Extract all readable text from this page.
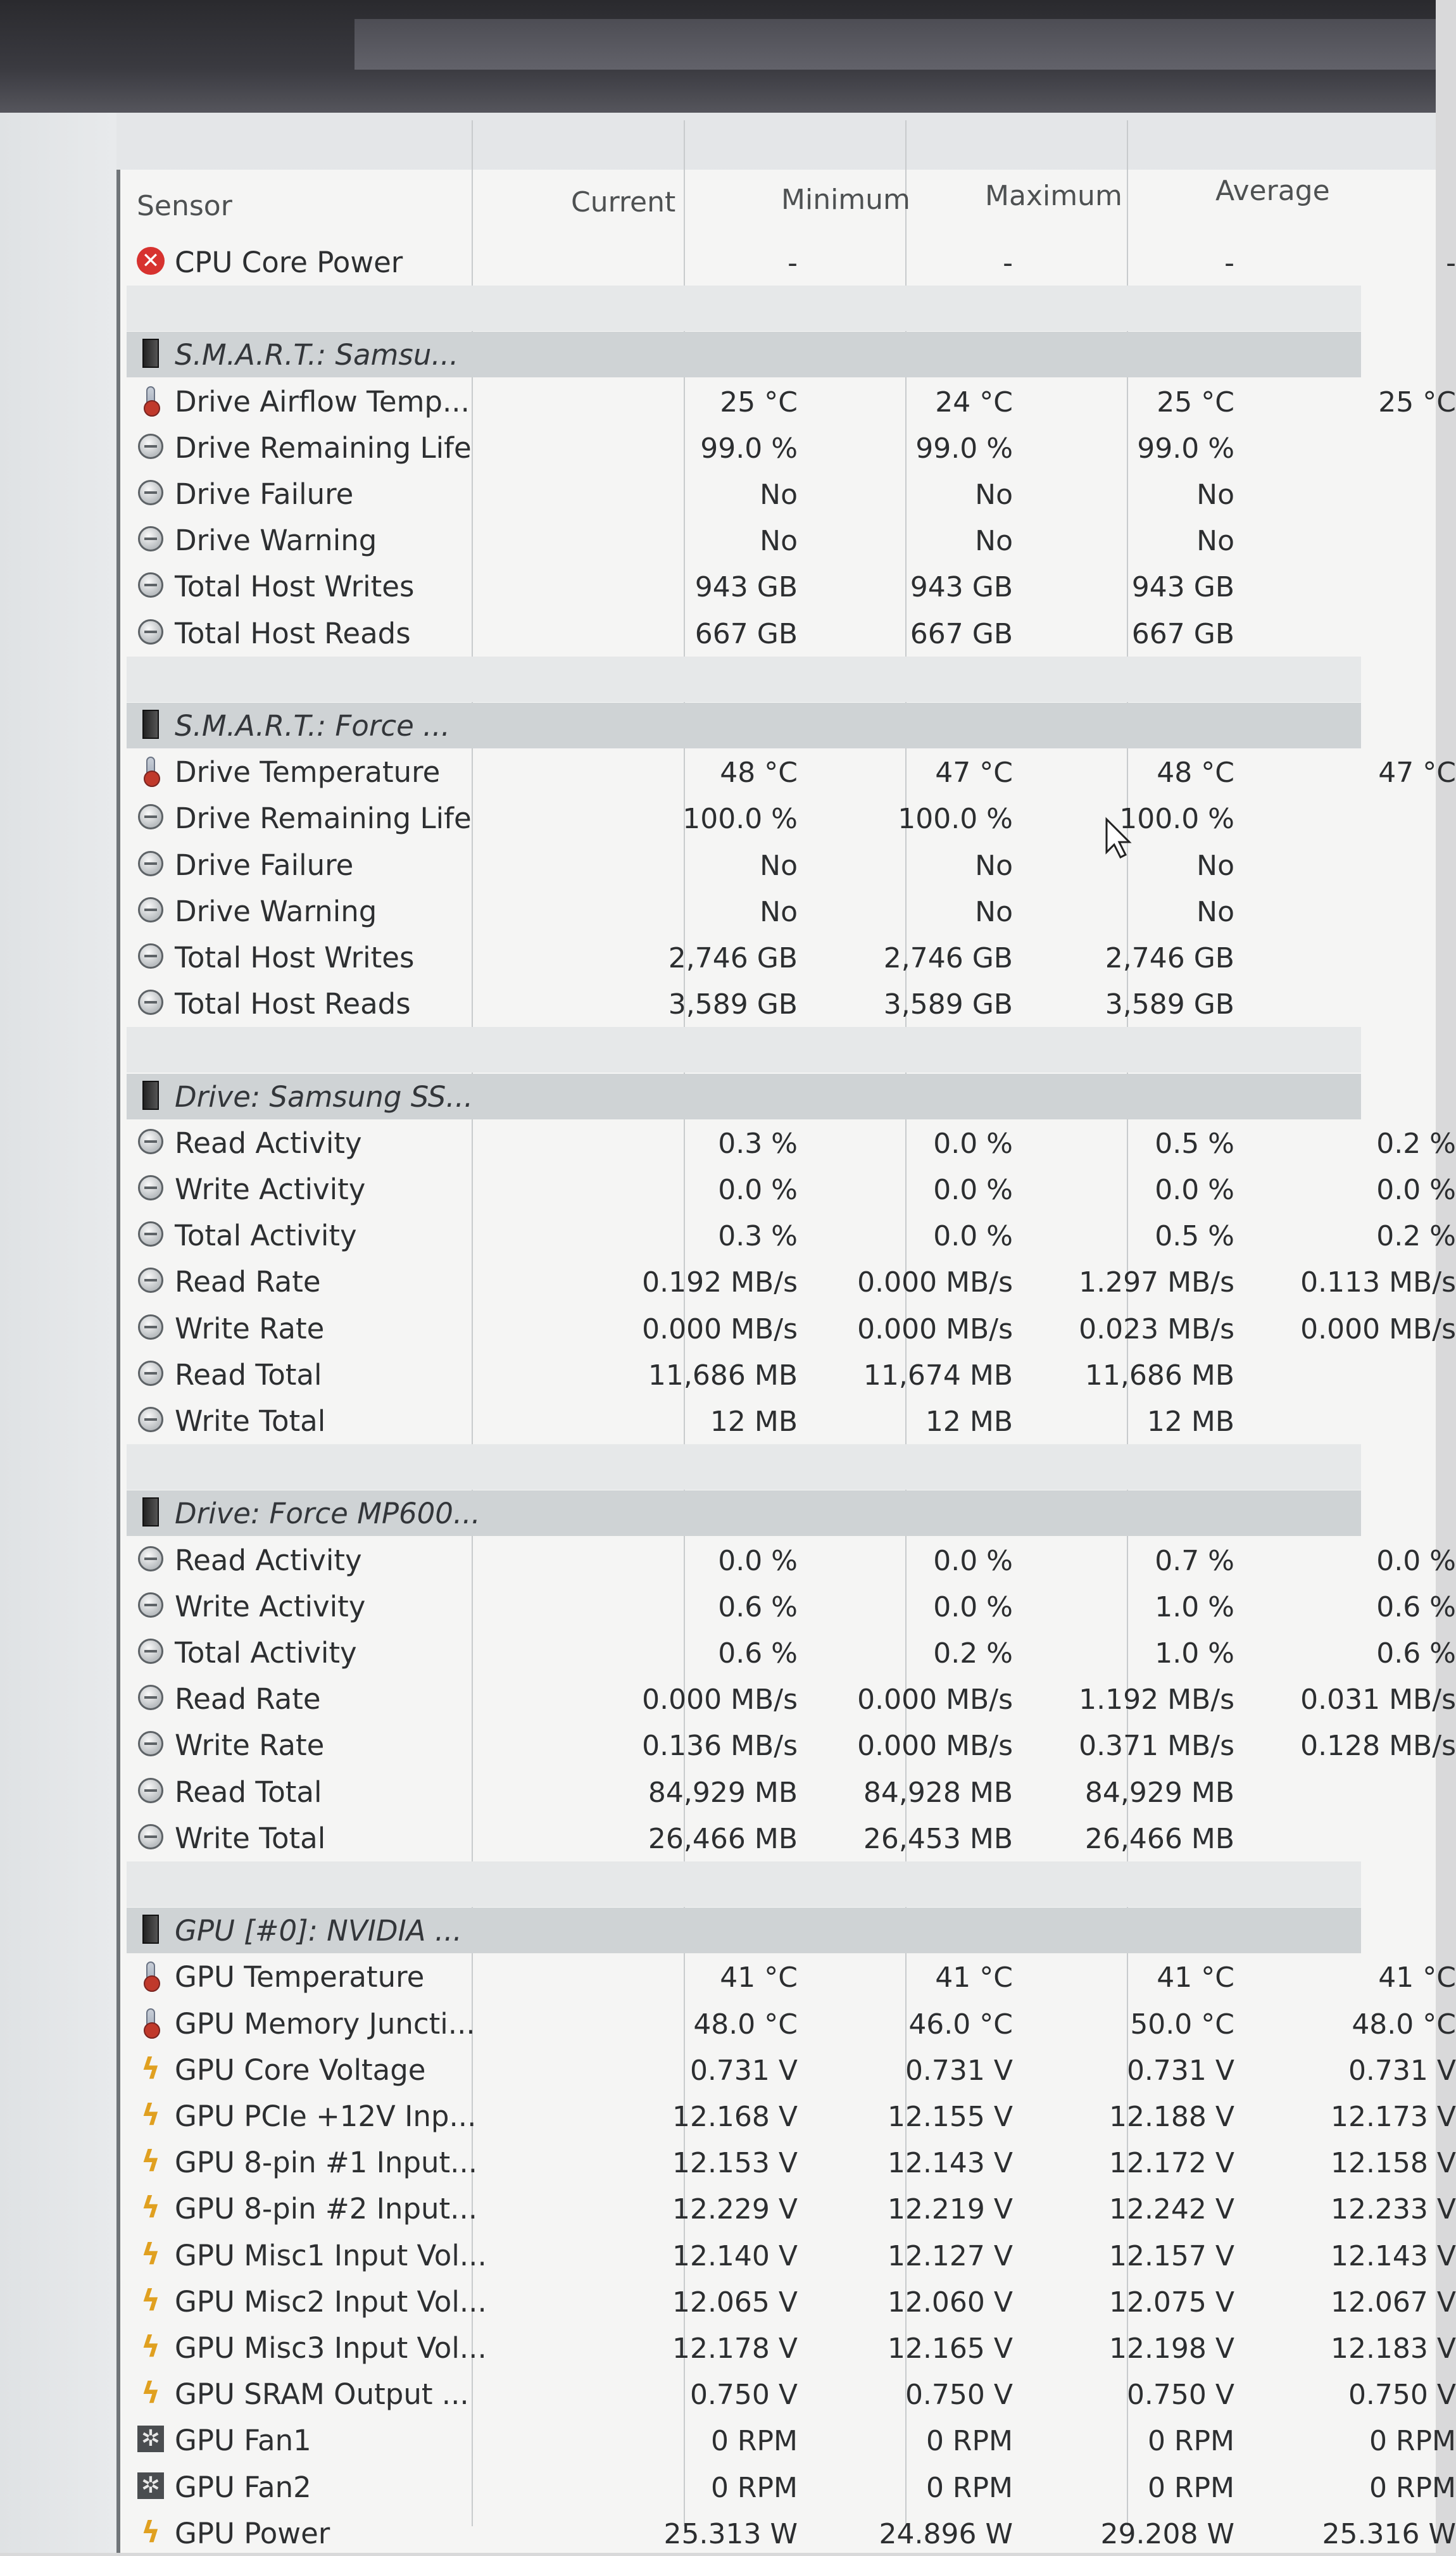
Sensor	Current	Minimum	Maximum	Average
✕ CPU Core Power	-	-	-	-
S.M.A.R.T.: Samsu...
Drive Airflow Temp...	25 °C	24 °C	25 °C	25 °C
Drive Remaining Life	99.0 %	99.0 %	99.0 %
Drive Failure	No	No	No
Drive Warning	No	No	No
Total Host Writes	943 GB	943 GB	943 GB
Total Host Reads	667 GB	667 GB	667 GB
S.M.A.R.T.: Force ...
Drive Temperature	48 °C	47 °C	48 °C	47 °C
Drive Remaining Life	100.0 %	100.0 %	100.0 %
Drive Failure	No	No	No
Drive Warning	No	No	No
Total Host Writes	2,746 GB	2,746 GB	2,746 GB
Total Host Reads	3,589 GB	3,589 GB	3,589 GB
Drive: Samsung SS...
Read Activity	0.3 %	0.0 %	0.5 %	0.2 %
Write Activity	0.0 %	0.0 %	0.0 %	0.0 %
Total Activity	0.3 %	0.0 %	0.5 %	0.2 %
Read Rate	0.192 MB/s	0.000 MB/s	1.297 MB/s	0.113 MB/s
Write Rate	0.000 MB/s	0.000 MB/s	0.023 MB/s	0.000 MB/s
Read Total	11,686 MB	11,674 MB	11,686 MB
Write Total	12 MB	12 MB	12 MB
Drive: Force MP600...
Read Activity	0.0 %	0.0 %	0.7 %	0.0 %
Write Activity	0.6 %	0.0 %	1.0 %	0.6 %
Total Activity	0.6 %	0.2 %	1.0 %	0.6 %
Read Rate	0.000 MB/s	0.000 MB/s	1.192 MB/s	0.031 MB/s
Write Rate	0.136 MB/s	0.000 MB/s	0.371 MB/s	0.128 MB/s
Read Total	84,929 MB	84,928 MB	84,929 MB
Write Total	26,466 MB	26,453 MB	26,466 MB
GPU [#0]: NVIDIA ...
GPU Temperature	41 °C	41 °C	41 °C	41 °C
GPU Memory Juncti...	48.0 °C	46.0 °C	50.0 °C	48.0 °C
ϟ GPU Core Voltage	0.731 V	0.731 V	0.731 V	0.731 V
ϟ GPU PCIe +12V Inp...	12.168 V	12.155 V	12.188 V	12.173 V
ϟ GPU 8-pin #1 Input...	12.153 V	12.143 V	12.172 V	12.158 V
ϟ GPU 8-pin #2 Input...	12.229 V	12.219 V	12.242 V	12.233 V
ϟ GPU Misc1 Input Vol...	12.140 V	12.127 V	12.157 V	12.143 V
ϟ GPU Misc2 Input Vol...	12.065 V	12.060 V	12.075 V	12.067 V
ϟ GPU Misc3 Input Vol...	12.178 V	12.165 V	12.198 V	12.183 V
ϟ GPU SRAM Output ...	0.750 V	0.750 V	0.750 V	0.750 V
✲ GPU Fan1	0 RPM	0 RPM	0 RPM	0 RPM
✲ GPU Fan2	0 RPM	0 RPM	0 RPM	0 RPM
ϟ GPU Power	25.313 W	24.896 W	29.208 W	25.316 W
